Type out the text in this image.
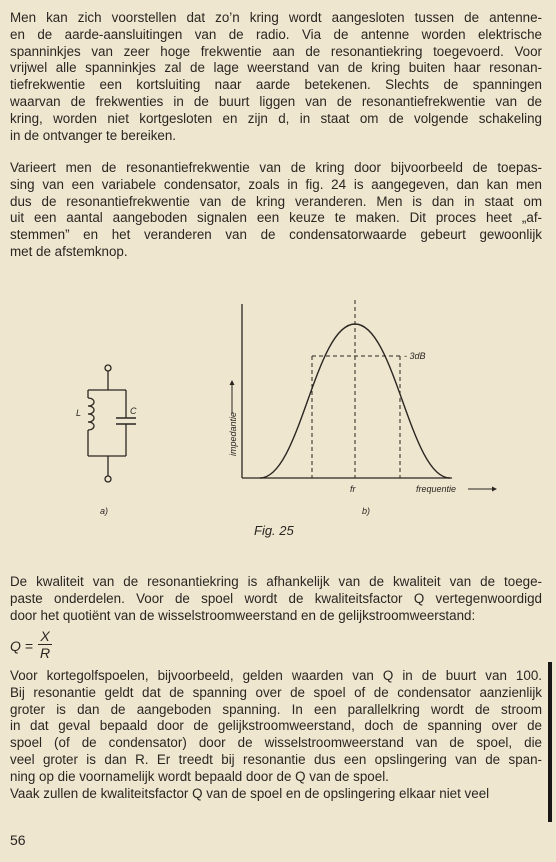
Men kan zich voorstellen dat zo’n kring wordt aangesloten tussen de antenne-
en de aarde-aansluitingen van de radio. Via de antenne worden elektrische
spanninkjes van zeer hoge frekwentie aan de resonantiekring toegevoerd. Voor
vrijwel alle spanninkjes zal de lage weerstand van de kring buiten haar resonan-
tiefrekwentie een kortsluiting naar aarde betekenen. Slechts de spanningen
waarvan de frekwenties in de buurt liggen van de resonantiefrekwentie van de
kring, worden niet kortgesloten en zijn d, in staat om de volgende schakeling
in de ontvanger te bereiken.
Varieert men de resonantiefrekwentie van de kring door bijvoorbeeld de toepas-
sing van een variabele condensator, zoals in fig. 24 is aangegeven, dan kan men
dus de resonantiefrekwentie van de kring veranderen. Men is dan in staat om
uit een aantal aangeboden signalen een keuze te maken. Dit proces heet „af-
stemmen” en het veranderen van de condensatorwaarde gebeurt gewoonlijk
met de afstemknop.
L	C
impedantie
- 3dB
fr	frequentie
a)	b)
Fig. 25
De kwaliteit van de resonantiekring is afhankelijk van de kwaliteit van de toege-
paste onderdelen. Voor de spoel wordt de kwaliteitsfactor Q vertegenwoordigd
door het quotiënt van de wisselstroomweerstand en de gelijkstroomweerstand:
$Q = \frac{X}{R}$
Voor kortegolfspoelen, bijvoorbeeld, gelden waarden van Q in de buurt van 100.
Bij resonantie geldt dat de spanning over de spoel of de condensator aanzienlijk
groter is dan de aangeboden spanning. In een parallelkring wordt de stroom
in dat geval bepaald door de gelijkstroomweerstand, doch de spanning over de
spoel (of de condensator) door de wisselstroomweerstand van de spoel, die
veel groter is dan R. Er treedt bij resonantie dus een opslingering van de span-
ning op die voornamelijk wordt bepaald door de Q van de spoel.
Vaak zullen de kwaliteitsfactor Q van de spoel en de opslingering elkaar niet veel
56
